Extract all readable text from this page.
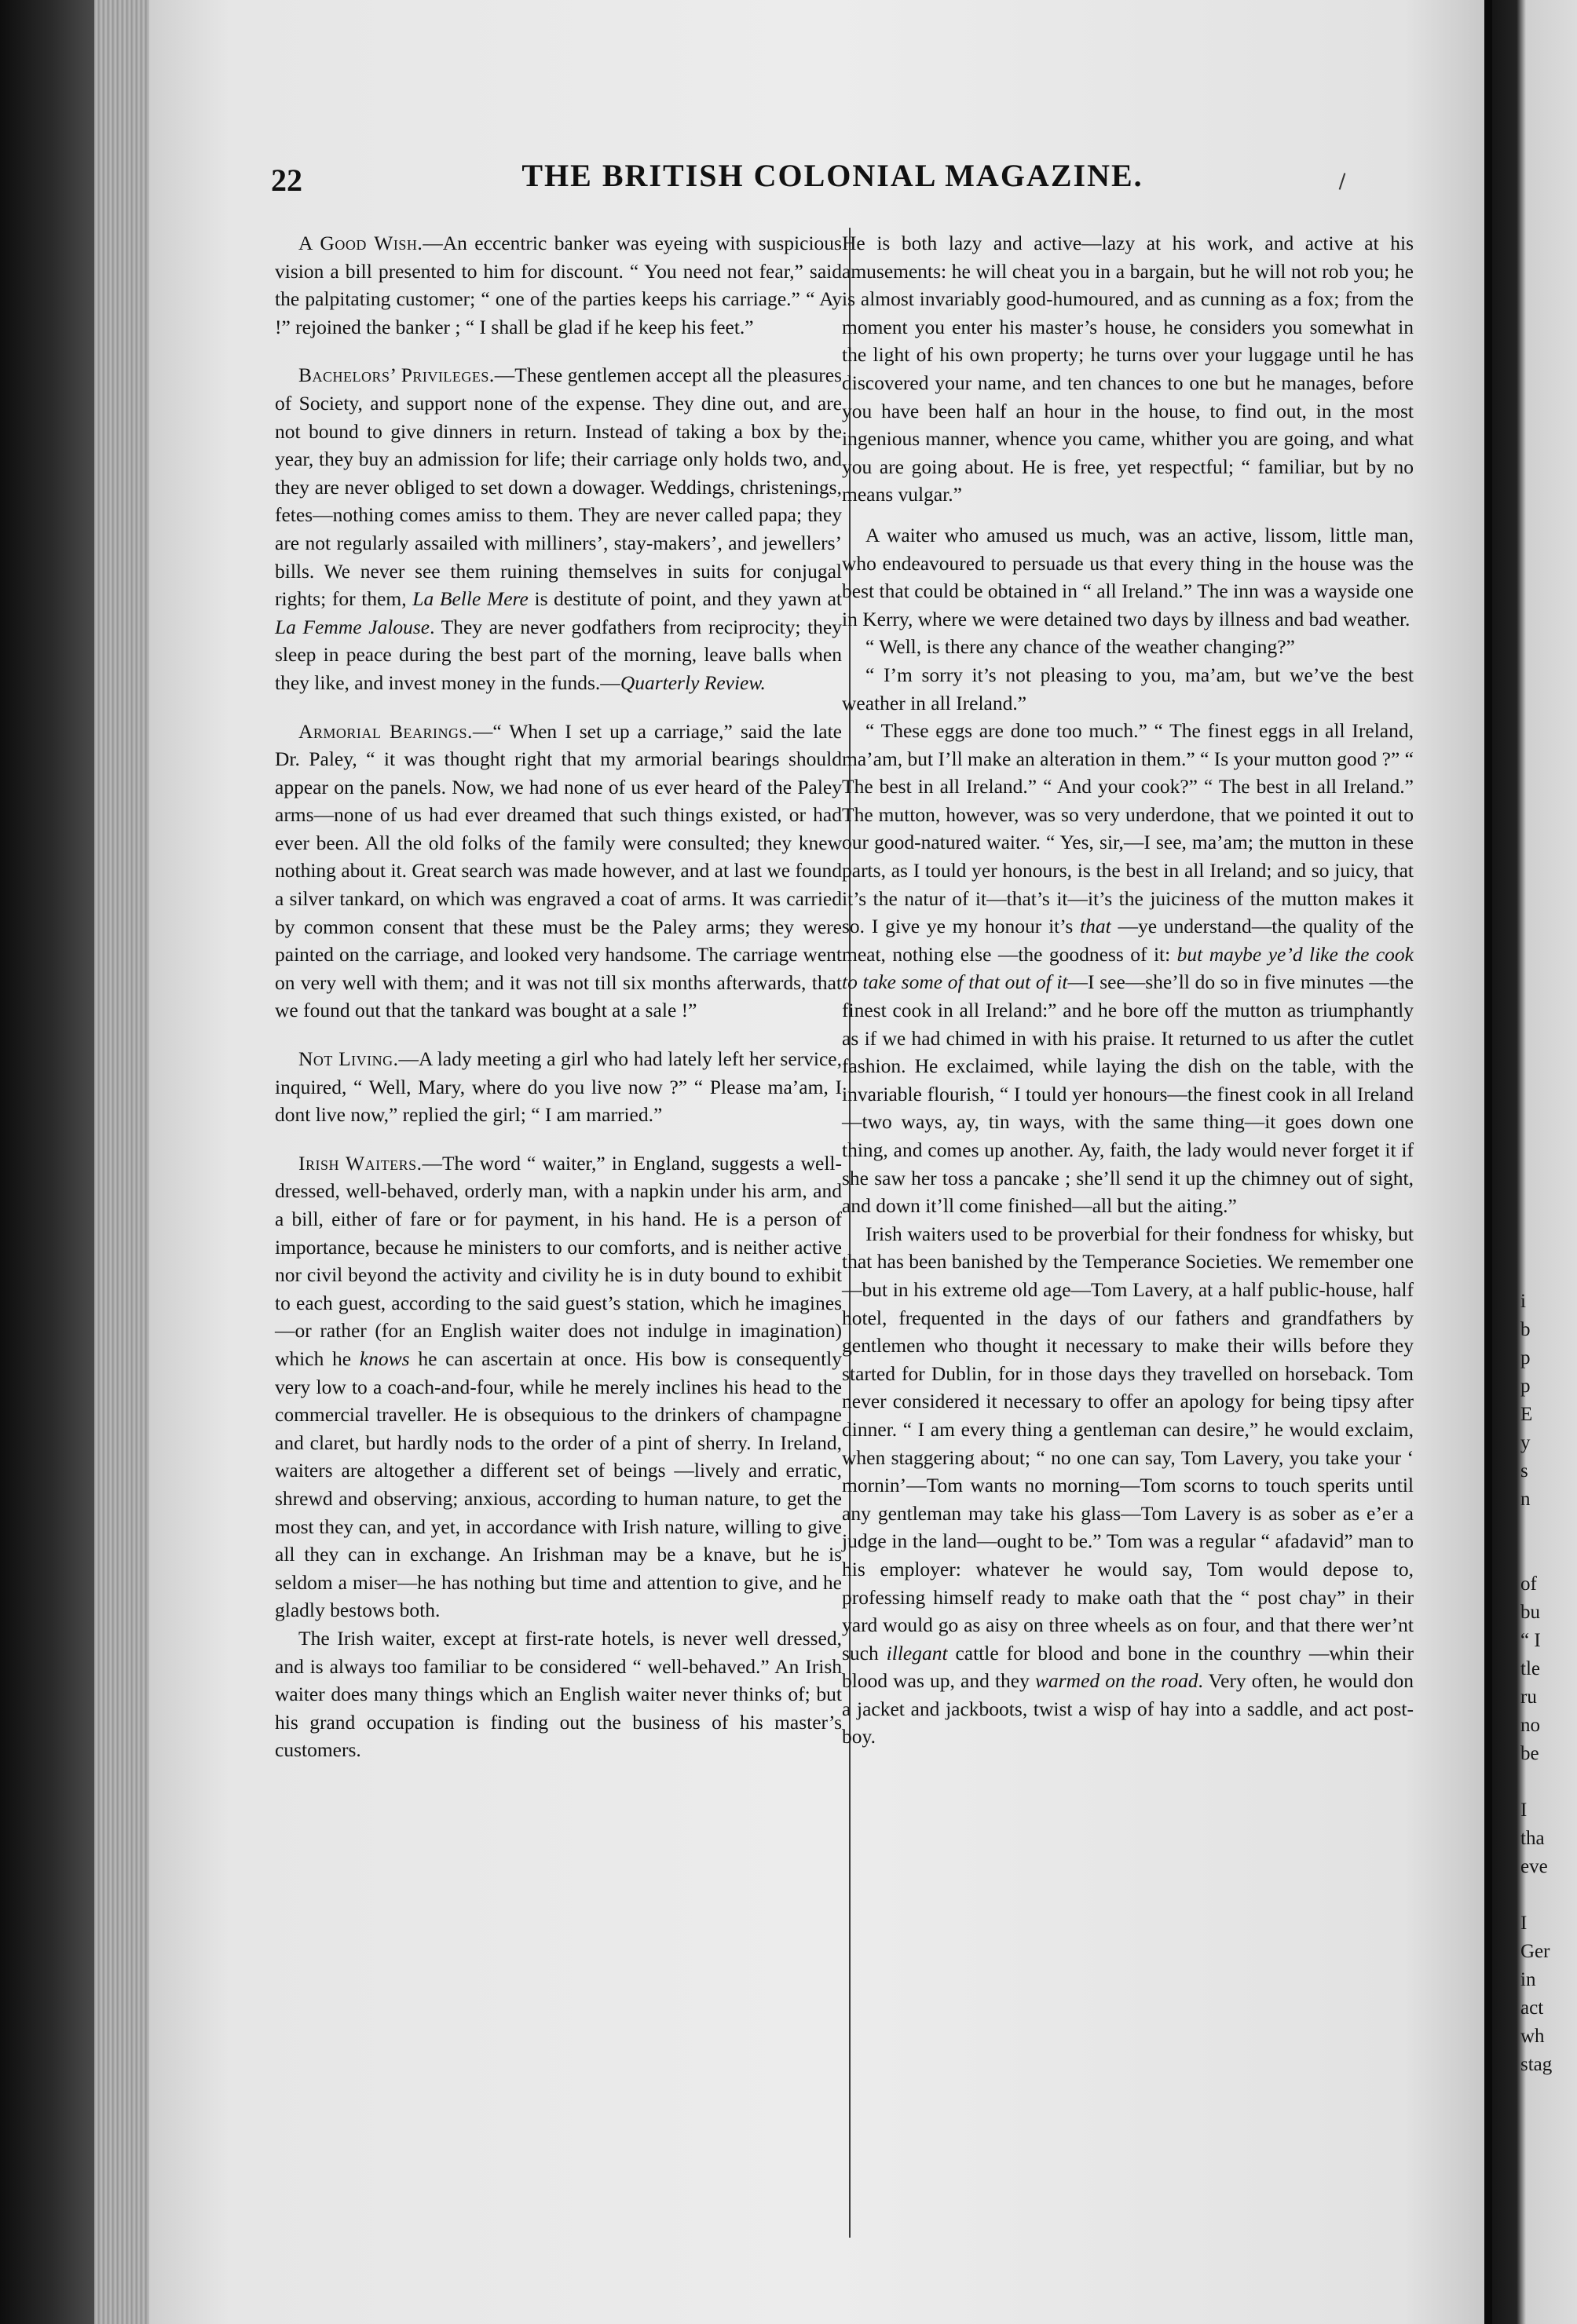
i
b
p
p
E
y
s
n
of
bu
“ I
tle
ru
no
be
I
tha
eve
I
Ger
in
act
wh
stag
22	THE BRITISH COLONIAL MAGAZINE.

A Good Wish.—An eccentric banker was eyeing with suspicious vision a bill presented to him for discount. “ You need not fear,” said the palpitating customer; “ one of the parties keeps his carriage.” “ Ay !” rejoined the banker ; “ I shall be glad if he keep his feet.”

Bachelors’ Privileges.—These gentlemen accept all the pleasures of Society, and support none of the expense. They dine out, and are not bound to give dinners in return. Instead of taking a box by the year, they buy an admission for life; their carriage only holds two, and they are never obliged to set down a dowager. Weddings, christenings, fetes—nothing comes amiss to them. They are never called papa; they are not regularly assailed with milliners’, stay-makers’, and jewellers’ bills. We never see them ruining themselves in suits for conjugal rights; for them, La Belle Mere is destitute of point, and they yawn at La Femme Jalouse. They are never godfathers from reciprocity; they sleep in peace during the best part of the morning, leave balls when they like, and invest money in the funds.—Quarterly Review.

Armorial Bearings.—“ When I set up a carriage,” said the late Dr. Paley, “ it was thought right that my armorial bearings should appear on the panels. Now, we had none of us ever heard of the Paley arms—none of us had ever dreamed that such things existed, or had ever been. All the old folks of the family were consulted; they knew nothing about it. Great search was made however, and at last we found a silver tankard, on which was engraved a coat of arms. It was carried by common consent that these must be the Paley arms; they were painted on the carriage, and looked very handsome. The carriage went on very well with them; and it was not till six months afterwards, that we found out that the tankard was bought at a sale !”

Not Living.—A lady meeting a girl who had lately left her service, inquired, “ Well, Mary, where do you live now ?” “ Please ma’am, I dont live now,” replied the girl; “ I am married.”

Irish Waiters.—The word “ waiter,” in England, suggests a well-dressed, well-behaved, orderly man, with a napkin under his arm, and a bill, either of fare or for payment, in his hand. He is a person of importance, because he ministers to our comforts, and is neither active nor civil beyond the activity and civility he is in duty bound to exhibit to each guest, according to the said guest’s station, which he imagines—or rather (for an English waiter does not indulge in imagination) which he knows he can ascertain at once. His bow is consequently very low to a coach-and-four, while he merely inclines his head to the commercial traveller. He is obsequious to the drinkers of champagne and claret, but hardly nods to the order of a pint of sherry. In Ireland, waiters are altogether a different set of beings —lively and erratic, shrewd and observing; anxious, according to human nature, to get the most they can, and yet, in accordance with Irish nature, willing to give all they can in exchange. An Irishman may be a knave, but he is seldom a miser—he has nothing but time and attention to give, and he gladly bestows both.

The Irish waiter, except at first-rate hotels, is never well dressed, and is always too familiar to be considered “ well-behaved.” An Irish waiter does many things which an English waiter never thinks of; but his grand occupation is finding out the business of his master’s customers.

He is both lazy and active—lazy at his work, and active at his amusements: he will cheat you in a bargain, but he will not rob you; he is almost invariably good-humoured, and as cunning as a fox; from the moment you enter his master’s house, he considers you somewhat in the light of his own property; he turns over your luggage until he has discovered your name, and ten chances to one but he manages, before you have been half an hour in the house, to find out, in the most ingenious manner, whence you came, whither you are going, and what you are going about. He is free, yet respectful; “ familiar, but by no means vulgar.”

A waiter who amused us much, was an active, lissom, little man, who endeavoured to persuade us that every thing in the house was the best that could be obtained in “ all Ireland.” The inn was a wayside one in Kerry, where we were detained two days by illness and bad weather.

“ Well, is there any chance of the weather changing?”

“ I’m sorry it’s not pleasing to you, ma’am, but we’ve the best weather in all Ireland.”

“ These eggs are done too much.” “ The finest eggs in all Ireland, ma’am, but I’ll make an alteration in them.” “ Is your mutton good ?” “ The best in all Ireland.” “ And your cook?” “ The best in all Ireland.” The mutton, however, was so very underdone, that we pointed it out to our good-natured waiter. “ Yes, sir,—I see, ma’am; the mutton in these parts, as I tould yer honours, is the best in all Ireland; and so juicy, that it’s the natur of it—that’s it—it’s the juiciness of the mutton makes it so. I give ye my honour it’s that —ye understand—the quality of the meat, nothing else —the goodness of it: but maybe ye’d like the cook to take some of that out of it—I see—she’ll do so in five minutes —the finest cook in all Ireland:” and he bore off the mutton as triumphantly as if we had chimed in with his praise. It returned to us after the cutlet fashion. He exclaimed, while laying the dish on the table, with the invariable flourish, “ I tould yer honours—the finest cook in all Ireland—two ways, ay, tin ways, with the same thing—it goes down one thing, and comes up another. Ay, faith, the lady would never forget it if she saw her toss a pancake ; she’ll send it up the chimney out of sight, and down it’ll come finished—all but the aiting.”

Irish waiters used to be proverbial for their fondness for whisky, but that has been banished by the Temperance Societies. We remember one—but in his extreme old age—Tom Lavery, at a half public-house, half hotel, frequented in the days of our fathers and grandfathers by gentlemen who thought it necessary to make their wills before they started for Dublin, for in those days they travelled on horseback. Tom never considered it necessary to offer an apology for being tipsy after dinner. “ I am every thing a gentleman can desire,” he would exclaim, when staggering about; “ no one can say, Tom Lavery, you take your ‘ mornin’—Tom wants no morning—Tom scorns to touch sperits until any gentleman may take his glass—Tom Lavery is as sober as e’er a judge in the land—ought to be.” Tom was a regular “ afadavid” man to his employer: whatever he would say, Tom would depose to, professing himself ready to make oath that the “ post chay” in their yard would go as aisy on three wheels as on four, and that there wer’nt such illegant cattle for blood and bone in the counthry —whin their blood was up, and they warmed on the road. Very often, he would don a jacket and jackboots, twist a wisp of hay into a saddle, and act post-boy.
